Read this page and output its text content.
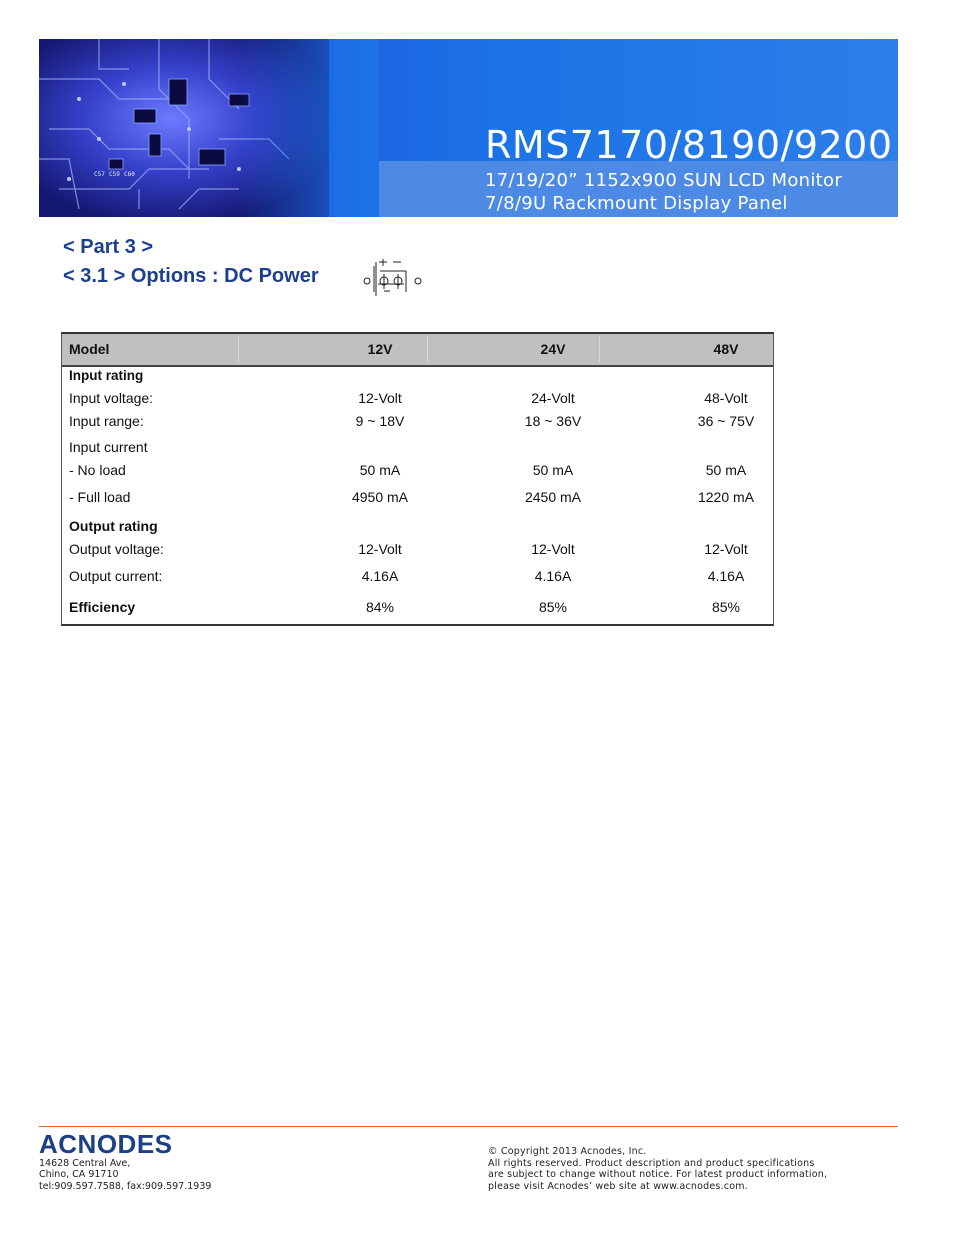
C57 C59 C60
RMS7170/8190/9200
17/19/20” 1152x900 SUN LCD Monitor
7/8/9U Rackmount Display Panel
< Part 3 >
< 3.1 > Options : DC Power
Model	12V	24V	48V
Input rating
Input voltage:	12-Volt	24-Volt	48-Volt
Input range:	9 ~ 18V	18 ~ 36V	36 ~ 75V
Input current
- No load	50 mA	50 mA	50 mA
- Full load	4950 mA	2450 mA	1220 mA
Output rating
Output voltage:	12-Volt	12-Volt	12-Volt
Output current:	4.16A	4.16A	4.16A
Efficiency	84%	85%	85%
ACNODES
14628 Central Ave,
Chino, CA 91710
tel:909.597.7588, fax:909.597.1939
© Copyright 2013 Acnodes, Inc.
All rights reserved. Product description and product specifications
are subject to change without notice. For latest product information,
please visit Acnodes’ web site at www.acnodes.com.
